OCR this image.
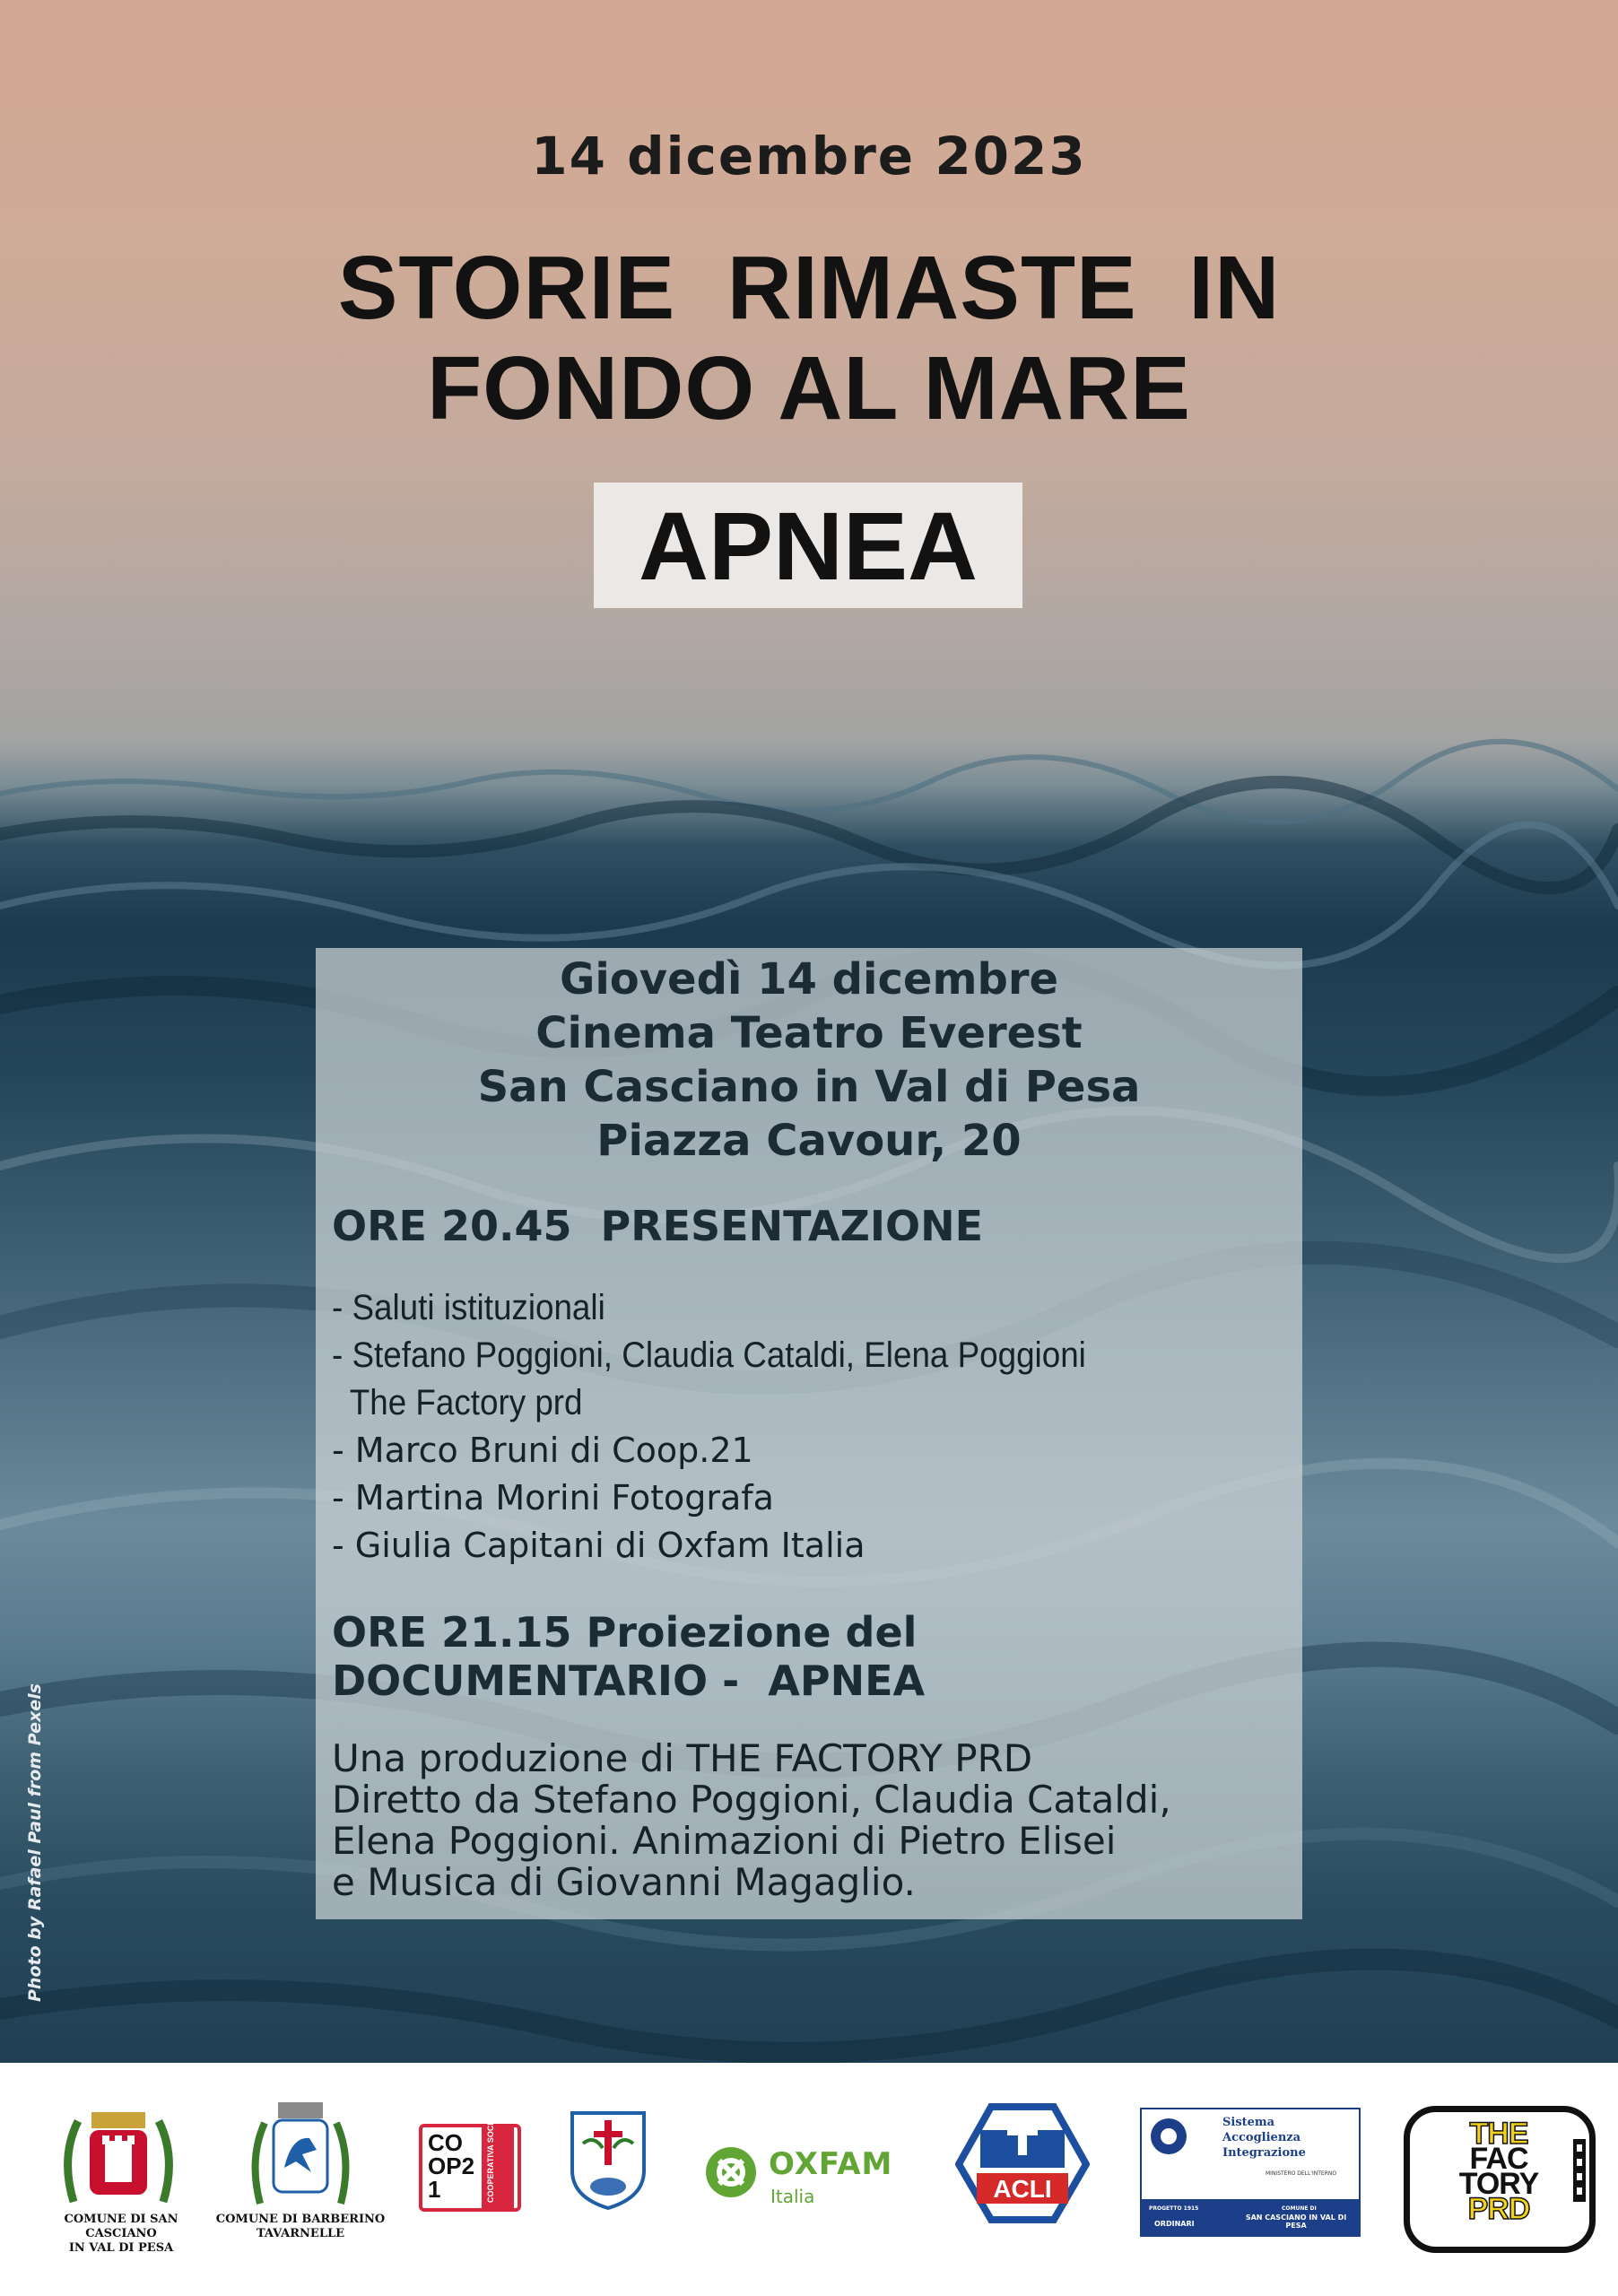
14 dicembre 2023
STORIE  RIMASTE  IN
FONDO AL MARE
APNEA
Giovedì 14 dicembre
Cinema Teatro Everest
San Casciano in Val di Pesa
Piazza Cavour, 20
ORE 20.45  PRESENTAZIONE
- Saluti istituzionali
- Stefano Poggioni, Claudia Cataldi, Elena Poggioni
The Factory prd
- Marco Bruni di Coop.21
- Martina Morini Fotografa
- Giulia Capitani di Oxfam Italia
ORE 21.15 Proiezione del
DOCUMENTARIO -  APNEA
Una produzione di THE FACTORY PRD
Diretto da Stefano Poggioni, Claudia Cataldi,
Elena Poggioni. Animazioni di Pietro Elisei
e Musica di Giovanni Magaglio.
Photo by Rafael Paul from Pexels
COMUNE DI SAN CASCIANO
IN VAL DI PESA
COMUNE DI BARBERINO
TAVARNELLE
COOP21	COOPERATIVA SOCIALE	OXFAM
Italia	ACLI
Sistema
Accoglienza
Integrazione
MINISTERO DELL'INTERNO
PROGETTO 1915
ORDINARI
COMUNE DI
SAN CASCIANO IN VAL DI PESA
THE
FAC
TORY
PRD
